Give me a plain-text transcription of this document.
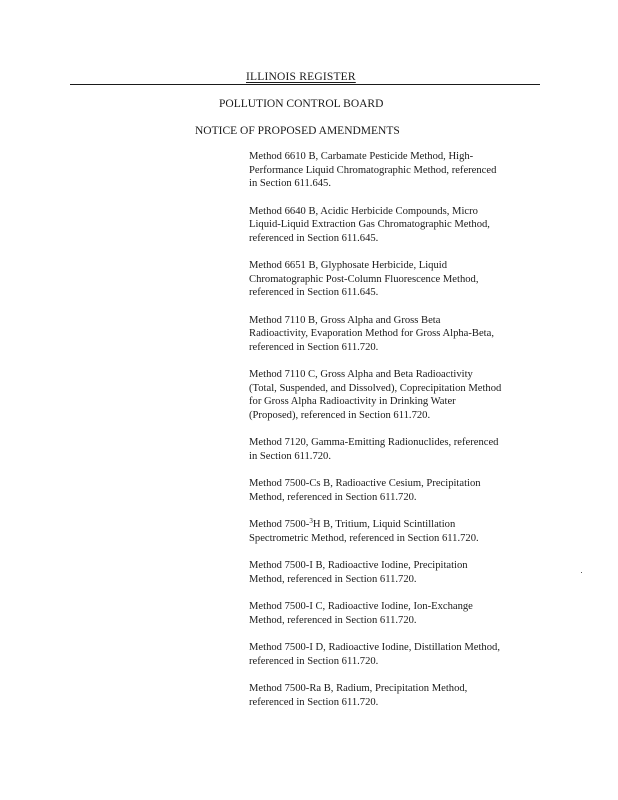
ILLINOIS REGISTER
POLLUTION CONTROL BOARD
NOTICE OF PROPOSED AMENDMENTS
Method 6610 B, Carbamate Pesticide Method, High-
Performance Liquid Chromatographic Method, referenced
in Section 611.645.
Method 6640 B, Acidic Herbicide Compounds, Micro
Liquid-Liquid Extraction Gas Chromatographic Method,
referenced in Section 611.645.
Method 6651 B, Glyphosate Herbicide, Liquid
Chromatographic Post-Column Fluorescence Method,
referenced in Section 611.645.
Method 7110 B, Gross Alpha and Gross Beta
Radioactivity, Evaporation Method for Gross Alpha-Beta,
referenced in Section 611.720.
Method 7110 C, Gross Alpha and Beta Radioactivity
(Total, Suspended, and Dissolved), Coprecipitation Method
for Gross Alpha Radioactivity in Drinking Water
(Proposed), referenced in Section 611.720.
Method 7120, Gamma-Emitting Radionuclides, referenced
in Section 611.720.
Method 7500-Cs B, Radioactive Cesium, Precipitation
Method, referenced in Section 611.720.
Method 7500-$^3$H B, Tritium, Liquid Scintillation
Spectrometric Method, referenced in Section 611.720.
Method 7500-I B, Radioactive Iodine, Precipitation
Method, referenced in Section 611.720.
Method 7500-I C, Radioactive Iodine, Ion-Exchange
Method, referenced in Section 611.720.
Method 7500-I D, Radioactive Iodine, Distillation Method,
referenced in Section 611.720.
Method 7500-Ra B, Radium, Precipitation Method,
referenced in Section 611.720.
